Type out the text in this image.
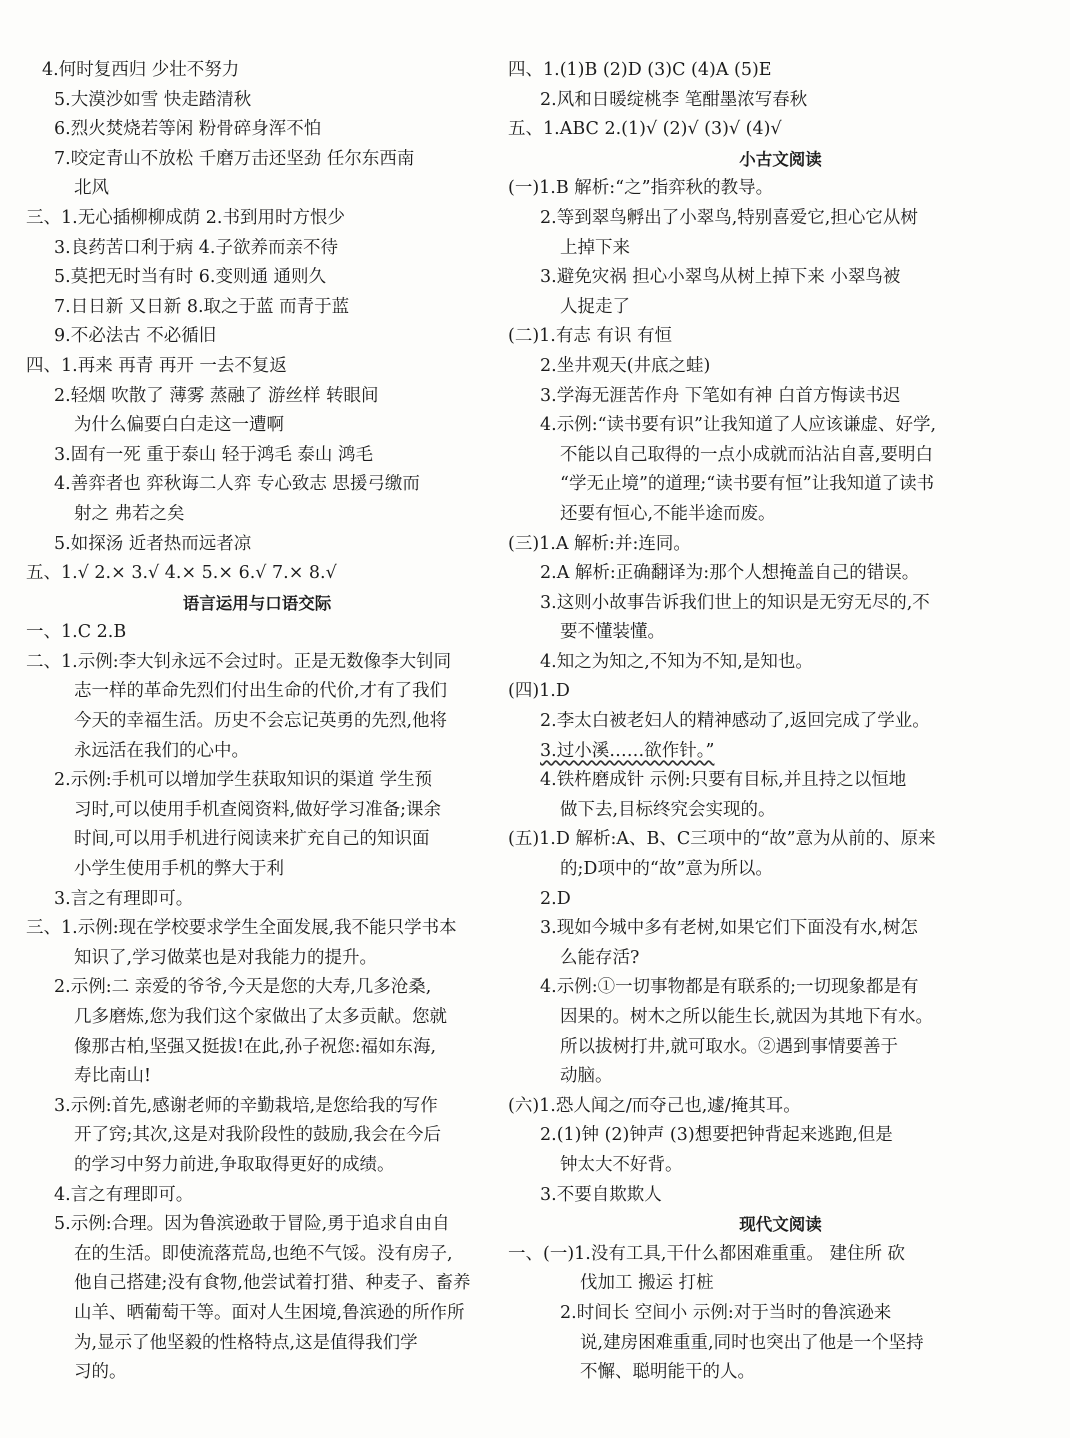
4.何时复西归 少壮不努力
5.大漠沙如雪 快走踏清秋
6.烈火焚烧若等闲 粉骨碎身浑不怕
7.咬定青山不放松 千磨万击还坚劲 任尔东西南
北风
三、1.无心插柳柳成荫 2.书到用时方恨少
3.良药苦口利于病 4.子欲养而亲不待
5.莫把无时当有时 6.变则通 通则久
7.日日新 又日新 8.取之于蓝 而青于蓝
9.不必法古 不必循旧
四、1.再来 再青 再开 一去不复返
2.轻烟 吹散了 薄雾 蒸融了 游丝样 转眼间
为什么偏要白白走这一遭啊
3.固有一死 重于泰山 轻于鸿毛 泰山 鸿毛
4.善弈者也 弈秋诲二人弈 专心致志 思援弓缴而
射之 弗若之矣
5.如探汤 近者热而远者凉
五、1.√ 2.× 3.√ 4.× 5.× 6.√ 7.× 8.√
语言运用与口语交际
一、1.C 2.B
二、1.示例:李大钊永远不会过时。正是无数像李大钊同
志一样的革命先烈们付出生命的代价,才有了我们
今天的幸福生活。历史不会忘记英勇的先烈,他将
永远活在我们的心中。
2.示例:手机可以增加学生获取知识的渠道 学生预
习时,可以使用手机查阅资料,做好学习准备;课余
时间,可以用手机进行阅读来扩充自己的知识面
小学生使用手机的弊大于利
3.言之有理即可。
三、1.示例:现在学校要求学生全面发展,我不能只学书本
知识了,学习做菜也是对我能力的提升。
2.示例:二 亲爱的爷爷,今天是您的大寿,几多沧桑,
几多磨炼,您为我们这个家做出了太多贡献。您就
像那古柏,坚强又挺拔!在此,孙子祝您:福如东海,
寿比南山!
3.示例:首先,感谢老师的辛勤栽培,是您给我的写作
开了窍;其次,这是对我阶段性的鼓励,我会在今后
的学习中努力前进,争取取得更好的成绩。
4.言之有理即可。
5.示例:合理。因为鲁滨逊敢于冒险,勇于追求自由自
在的生活。即使流落荒岛,也绝不气馁。没有房子,
他自己搭建;没有食物,他尝试着打猎、种麦子、畜养
山羊、晒葡萄干等。面对人生困境,鲁滨逊的所作所
为,显示了他坚毅的性格特点,这是值得我们学
习的。
四、1.(1)B (2)D (3)C (4)A (5)E
2.风和日暖绽桃李 笔酣墨浓写春秋
五、1.ABC 2.(1)√ (2)√ (3)√ (4)√
小古文阅读
(一)1.B 解析:“之”指弈秋的教导。
2.等到翠鸟孵出了小翠鸟,特别喜爱它,担心它从树
上掉下来
3.避免灾祸 担心小翠鸟从树上掉下来 小翠鸟被
人捉走了
(二)1.有志 有识 有恒
2.坐井观天(井底之蛙)
3.学海无涯苦作舟 下笔如有神 白首方悔读书迟
4.示例:“读书要有识”让我知道了人应该谦虚、好学,
不能以自己取得的一点小成就而沾沾自喜,要明白
“学无止境”的道理;“读书要有恒”让我知道了读书
还要有恒心,不能半途而废。
(三)1.A 解析:并:连同。
2.A 解析:正确翻译为:那个人想掩盖自己的错误。
3.这则小故事告诉我们世上的知识是无穷无尽的,不
要不懂装懂。
4.知之为知之,不知为不知,是知也。
(四)1.D
2.李太白被老妇人的精神感动了,返回完成了学业。
3.过小溪……欲作针。”
4.铁杵磨成针 示例:只要有目标,并且持之以恒地
做下去,目标终究会实现的。
(五)1.D 解析:A、B、C三项中的“故”意为从前的、原来
的;D项中的“故”意为所以。
2.D
3.现如今城中多有老树,如果它们下面没有水,树怎
么能存活?
4.示例:①一切事物都是有联系的;一切现象都是有
因果的。树木之所以能生长,就因为其地下有水。
所以拔树打井,就可取水。②遇到事情要善于
动脑。
(六)1.恐人闻之/而夺己也,遽/掩其耳。
2.(1)钟 (2)钟声 (3)想要把钟背起来逃跑,但是
钟太大不好背。
3.不要自欺欺人
现代文阅读
一、(一)1.没有工具,干什么都困难重重。 建住所 砍
伐加工 搬运 打桩
2.时间长 空间小 示例:对于当时的鲁滨逊来
说,建房困难重重,同时也突出了他是一个坚持
不懈、聪明能干的人。
